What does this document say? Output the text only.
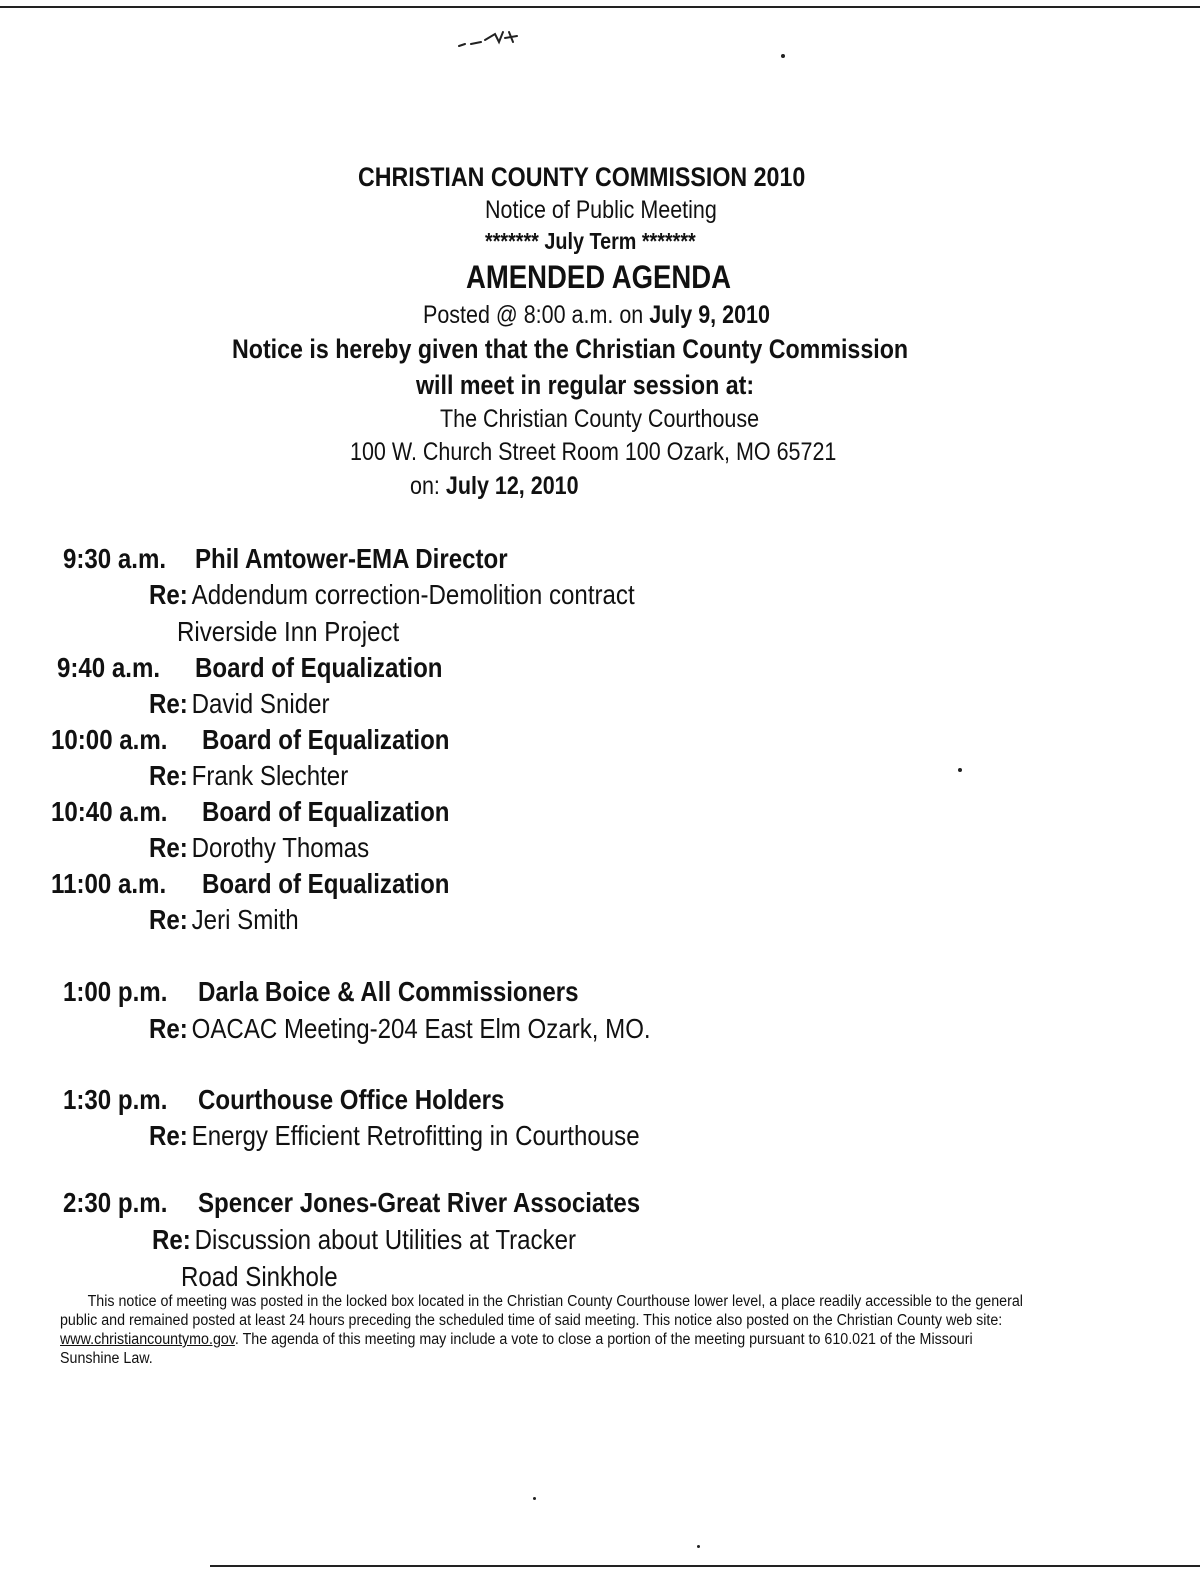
CHRISTIAN COUNTY COMMISSION 2010
Notice of Public Meeting
******* July Term *******
AMENDED AGENDA
Posted @ 8:00 a.m. on July 9, 2010
Notice is hereby given that the Christian County Commission
will meet in regular session at:
The Christian County Courthouse
100 W. Church Street Room 100 Ozark, MO 65721
on: July 12, 2010
9:30 a.m. Phil Amtower-EMA Director
Re: Addendum correction-Demolition contract
Riverside Inn Project
9:40 a.m. Board of Equalization
Re: David Snider
10:00 a.m. Board of Equalization
Re: Frank Slechter
10:40 a.m. Board of Equalization
Re: Dorothy Thomas
11:00 a.m. Board of Equalization
Re: Jeri Smith
1:00 p.m. Darla Boice & All Commissioners
Re: OACAC Meeting-204 East Elm Ozark, MO.
1:30 p.m. Courthouse Office Holders
Re: Energy Efficient Retrofitting in Courthouse
2:30 p.m. Spencer Jones-Great River Associates
Re: Discussion about Utilities at Tracker
Road Sinkhole
This notice of meeting was posted in the locked box located in the Christian County Courthouse lower level, a place readily accessible to the general
public and remained posted at least 24 hours preceding the scheduled time of said meeting. This notice also posted on the Christian County web site:
www.christiancountymo.gov. The agenda of this meeting may include a vote to close a portion of the meeting pursuant to 610.021 of the Missouri
Sunshine Law.
